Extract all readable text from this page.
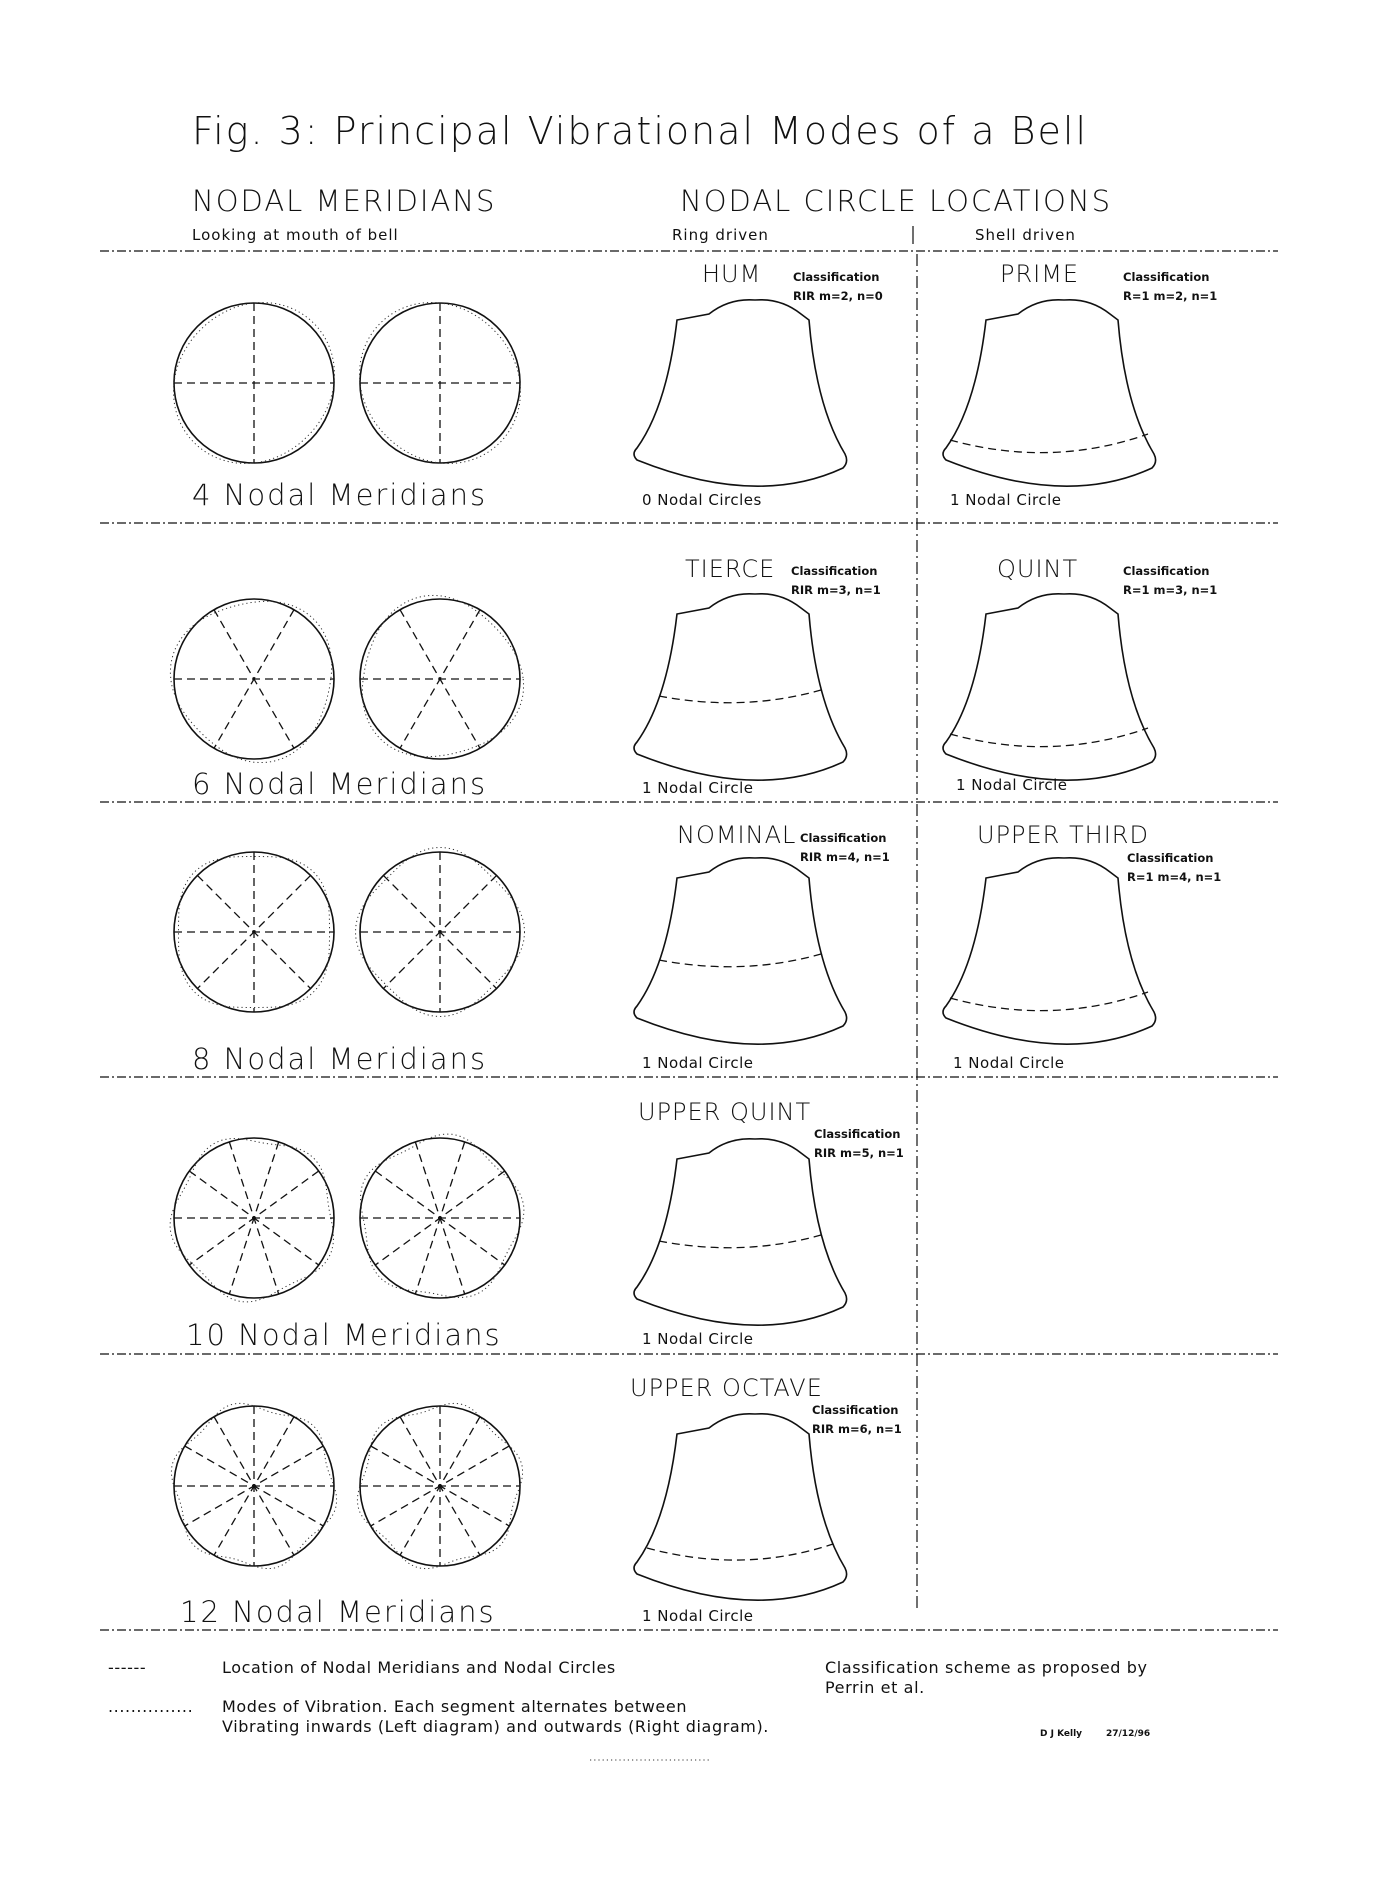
Fig. 3: Principal Vibrational Modes of a Bell
NODAL MERIDIANS
Looking at mouth of bell
NODAL CIRCLE LOCATIONS
Ring driven	Shell driven
4 Nodal Meridians
HUM	Classification
RIR m=2, n=0
0 Nodal Circles
PRIME	Classification
R=1 m=2, n=1
1 Nodal Circle
6 Nodal Meridians
TIERCE Classification
RIR m=3, n=1
1 Nodal Circle
QUINT	Classification
R=1 m=3, n=1
1 Nodal Circle
8 Nodal Meridians
NOMINAL Classification
RIR m=4, n=1
1 Nodal Circle
UPPER THIRD
Classification
R=1 m=4, n=1
1 Nodal Circle
10 Nodal Meridians
UPPER QUINT
Classification
RIR m=5, n=1
1 Nodal Circle
12 Nodal Meridians
UPPER OCTAVE
Classification
RIR m=6, n=1
1 Nodal Circle
------	Location of Nodal Meridians and Nodal Circles
............... Modes of Vibration. Each segment alternates between
Vibrating inwards (Left diagram) and outwards (Right diagram).
Classification scheme as proposed by
Perrin et al.
D J Kelly	27/12/96
